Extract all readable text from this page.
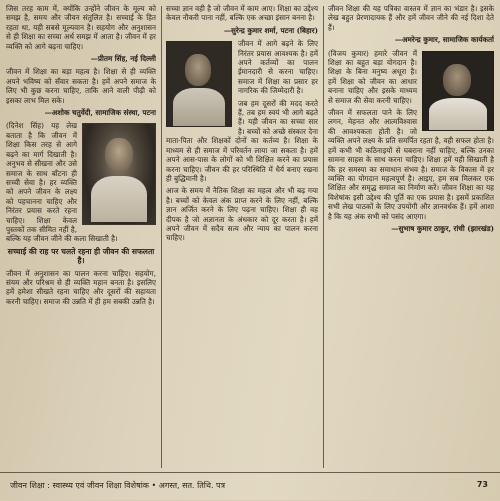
जिस तरह काम में, क्योंकि उन्होंने जीवन के मूल्य को समझ है, समय और जीवन संतुलित है। सच्चाई के हित रहता था, यही सबसे मूल्यवान है। सहयोग और अनुशासन से ही शिक्षा का सच्चा अर्थ समझ में आता है। जीवन में हर व्यक्ति को आगे बढ़ना चाहिए।

—प्रीतम सिंह, नई दिल्ली

जीवन में शिक्षा का बड़ा महत्व है। शिक्षा से ही व्यक्ति अपने भविष्य को सँवार सकता है। हमें अपने समाज के लिए भी कुछ करना चाहिए, ताकि आने वाली पीढ़ी को इसका लाभ मिल सके।

—अशोक चतुर्वेदी, सामाजिक संस्था, पटना

(दिनेश सिंह) यह लेख बताता है कि जीवन में शिक्षा किस तरह से आगे बढ़ने का मार्ग दिखाती है। अनुभव से सीखना और उसे समाज के साथ बाँटना ही सच्ची सेवा है। हर व्यक्ति को अपने जीवन के लक्ष्य को पहचानना चाहिए और निरंतर प्रयास करते रहना चाहिए। शिक्षा केवल पुस्तकों तक सीमित नहीं है, बल्कि यह जीवन जीने की कला सिखाती है।

सच्चाई की राह पर चलते रहना ही जीवन की सफलता है।

जीवन में अनुशासन का पालन करना चाहिए। सहयोग, संयम और परिश्रम से ही व्यक्ति महान बनता है। इसलिए हमें हमेशा सीखते रहना चाहिए और दूसरों की सहायता करनी चाहिए। समाज की उन्नति में ही हम सबकी उन्नति है।

सच्चा ज्ञान वही है जो जीवन में काम आए। शिक्षा का उद्देश्य केवल नौकरी पाना नहीं, बल्कि एक अच्छा इंसान बनना है।

—सुरेन्द्र कुमार शर्मा, पटना (बिहार)

जीवन में आगे बढ़ने के लिए निरंतर प्रयास आवश्यक है। हमें अपने कर्तव्यों का पालन ईमानदारी से करना चाहिए। समाज में शिक्षा का प्रसार हर नागरिक की जिम्मेदारी है।

जब हम दूसरों की मदद करते हैं, तब हम स्वयं भी आगे बढ़ते हैं। यही जीवन का सच्चा सार है। बच्चों को अच्छे संस्कार देना माता-पिता और शिक्षकों दोनों का कर्तव्य है। शिक्षा के माध्यम से ही समाज में परिवर्तन लाया जा सकता है। हमें अपने आस-पास के लोगों को भी शिक्षित करने का प्रयास करना चाहिए। जीवन की हर परिस्थिति में धैर्य बनाए रखना ही बुद्धिमानी है।

आज के समय में नैतिक शिक्षा का महत्व और भी बढ़ गया है। बच्चों को केवल अंक प्राप्त करने के लिए नहीं, बल्कि ज्ञान अर्जित करने के लिए पढ़ना चाहिए। शिक्षा ही वह दीपक है जो अज्ञानता के अंधकार को दूर करता है। हमें अपने जीवन में सदैव सत्य और न्याय का पालन करना चाहिए।

जीवन शिक्षा की यह पत्रिका वास्तव में ज्ञान का भंडार है। इसके लेख बहुत प्रेरणादायक हैं और हमें जीवन जीने की नई दिशा देते हैं।

—अमरेन्द्र कुमार, सामाजिक कार्यकर्ता

(विजय कुमार) हमारे जीवन में शिक्षा का बहुत बड़ा योगदान है। शिक्षा के बिना मनुष्य अधूरा है। हमें शिक्षा को जीवन का आधार बनाना चाहिए और इसके माध्यम से समाज की सेवा करनी चाहिए।

जीवन में सफलता पाने के लिए लगन, मेहनत और आत्मविश्वास की आवश्यकता होती है। जो व्यक्ति अपने लक्ष्य के प्रति समर्पित रहता है, वही सफल होता है। हमें कभी भी कठिनाइयों से घबराना नहीं चाहिए, बल्कि उनका सामना साहस के साथ करना चाहिए। शिक्षा हमें यही सिखाती है कि हर समस्या का समाधान संभव है। समाज के विकास में हर व्यक्ति का योगदान महत्वपूर्ण है। आइए, हम सब मिलकर एक शिक्षित और समृद्ध समाज का निर्माण करें। जीवन शिक्षा का यह विशेषांक इसी उद्देश्य की पूर्ति का एक प्रयास है। इसमें प्रकाशित सभी लेख पाठकों के लिए उपयोगी और ज्ञानवर्धक हैं। हमें आशा है कि यह अंक सभी को पसंद आएगा।

—सुभाष कुमार ठाकुर, रांची (झारखंड)

जीवन शिक्षा : स्वास्थ्य एवं जीवन शिक्षा विशेषांक • अगस्त, सत. तिथि. पत्र	73
